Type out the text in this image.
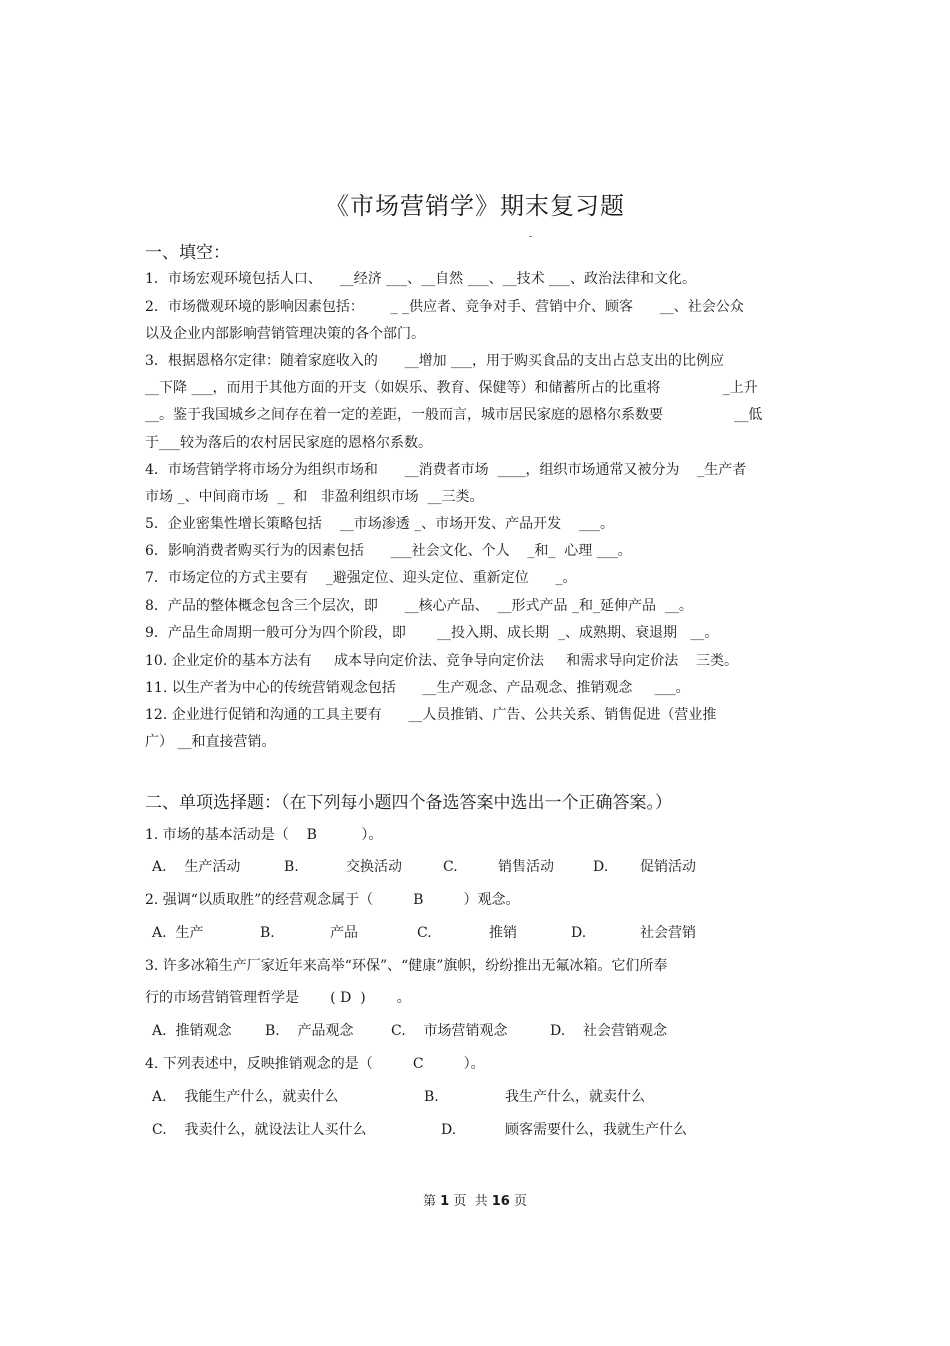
《市场营销学》期末复习题
一、填空：
1．市场宏观环境包括人口、    __经济 ___、__自然 ___、__技术 ___、政治法律和文化。
2．市场微观环境的影响因素包括：      _ _供应者、竞争对手、营销中介、顾客      __、社会公众
以及企业内部影响营销管理决策的各个部门。
3．根据恩格尔定律：随着家庭收入的      __增加 ___，用于购买食品的支出占总支出的比例应
__下降 ___，而用于其他方面的开支（如娱乐、教育、保健等）和储蓄所占的比重将              _上升
__。鉴于我国城乡之间存在着一定的差距，一般而言，城市居民家庭的恩格尔系数要                __低
于___较为落后的农村居民家庭的恩格尔系数。
4．市场营销学将市场分为组织市场和      __消费者市场  ____，组织市场通常又被分为    _生产者
市场 _、中间商市场  _  和   非盈利组织市场  __三类。
5．企业密集性增长策略包括    __市场渗透 _、市场开发、产品开发    ___。
6．影响消费者购买行为的因素包括      ___社会文化、个人    _和_  心理 ___。
7．市场定位的方式主要有    _避强定位、迎头定位、重新定位      _。
8．产品的整体概念包含三个层次，即      __核心产品、  __形式产品 _和_延伸产品  __。
9．产品生命周期一般可分为四个阶段，即       __投入期、成长期  _、成熟期、衰退期   __。
10. 企业定价的基本方法有     成本导向定价法、竞争导向定价法     和需求导向定价法    三类。
11. 以生产者为中心的传统营销观念包括      __生产观念、产品观念、推销观念     ___。
12. 企业进行促销和沟通的工具主要有      __人员推销、广告、公共关系、销售促进（营业推
广） __和直接营销。
二、单项选择题：（在下列每小题四个备选答案中选出一个正确答案。）
1. 市场的基本活动是（    B          ）。
A.    生产活动	B.	交换活动	C.	销售活动	D. 促销活动
2. 强调“以质取胜”的经营观念属于（         B         ）观念。
A.  生产	B.	产品	C.	推销	D.	社会营销
3. 许多冰箱生产厂家近年来高举“环保”、“健康”旗帜，纷纷推出无氟冰箱。它们所奉
行的市场营销管理哲学是       ( D  )       。
A.  推销观念 B.    产品观念	C.    市场营销观念	D.    社会营销观念
4. 下列表述中，反映推销观念的是（         C         ）。
A.    我能生产什么，就卖什么	B.	我生产什么，就卖什么
C.    我卖什么，就设法让人买什么	D.	顾客需要什么，我就生产什么
第 1 页  共 16 页
